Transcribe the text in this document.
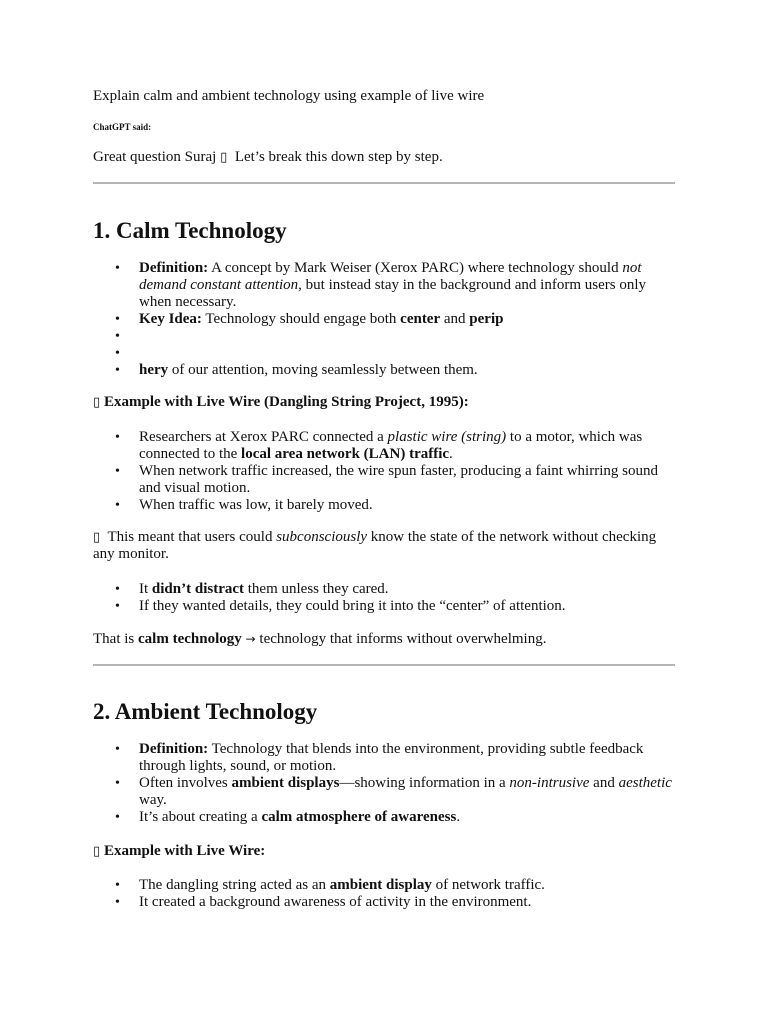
Explain calm and ambient technology using example of live wire

ChatGPT said:

Great question Suraj ▯ Let’s break this down step by step.

1. Calm Technology
• Definition: A concept by Mark Weiser (Xerox PARC) where technology should not demand constant attention, but instead stay in the background and inform users only when necessary.
• Key Idea: Technology should engage both center and perip
•
•
• hery of our attention, moving seamlessly between them.

▯ Example with Live Wire (Dangling String Project, 1995):

• Researchers at Xerox PARC connected a plastic wire (string) to a motor, which was connected to the local area network (LAN) traffic.
• When network traffic increased, the wire spun faster, producing a faint whirring sound and visual motion.
• When traffic was low, it barely moved.

▯ This meant that users could subconsciously know the state of the network without checking any monitor.

• It didn’t distract them unless they cared.
• If they wanted details, they could bring it into the “center” of attention.

That is calm technology → technology that informs without overwhelming.

2. Ambient Technology
• Definition: Technology that blends into the environment, providing subtle feedback through lights, sound, or motion.
• Often involves ambient displays—showing information in a non-intrusive and aesthetic way.
• It’s about creating a calm atmosphere of awareness.

▯ Example with Live Wire:

• The dangling string acted as an ambient display of network traffic.
• It created a background awareness of activity in the environment.
